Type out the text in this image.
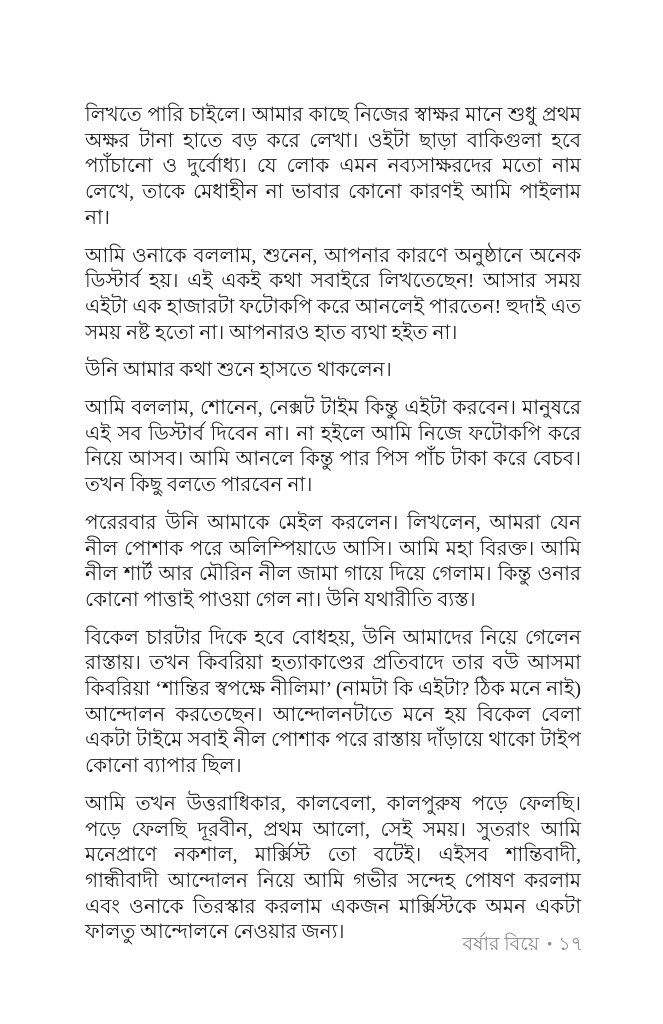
লিখতে পারি চাইলে। আমার কাছে নিজের স্বাক্ষর মানে শুধু প্রথম অক্ষর টানা হাতে বড় করে লেখা। ওইটা ছাড়া বাকিগুলা হবে প্যাঁচানো ও দুর্বোধ্য। যে লোক এমন নব্যসাক্ষরদের মতো নাম লেখে, তাকে মেধাহীন না ভাবার কোনো কারণই আমি পাইলাম না।

আমি ওনাকে বললাম, শুনেন, আপনার কারণে অনুষ্ঠানে অনেক ডিস্টার্ব হয়। এই একই কথা সবাইরে লিখতেছেন! আসার সময় এইটা এক হাজারটা ফটোকপি করে আনলেই পারতেন! হুদাই এত সময় নষ্ট হতো না। আপনারও হাত ব্যথা হইত না।

উনি আমার কথা শুনে হাসতে থাকলেন।

আমি বললাম, শোনেন, নেক্সট টাইম কিন্তু এইটা করবেন। মানুষরে এই সব ডিস্টার্ব দিবেন না। না হইলে আমি নিজে ফটোকপি করে নিয়ে আসব। আমি আনলে কিন্তু পার পিস পাঁচ টাকা করে বেচব। তখন কিছু বলতে পারবেন না।

পরেরবার উনি আমাকে মেইল করলেন। লিখলেন, আমরা যেন নীল পোশাক পরে অলিম্পিয়াডে আসি। আমি মহা বিরক্ত। আমি নীল শার্ট আর মৌরিন নীল জামা গায়ে দিয়ে গেলাম। কিন্তু ওনার কোনো পাত্তাই পাওয়া গেল না। উনি যথারীতি ব্যস্ত।

বিকেল চারটার দিকে হবে বোধহয়, উনি আমাদের নিয়ে গেলেন রাস্তায়। তখন কিবরিয়া হত্যাকাণ্ডের প্রতিবাদে তার বউ আসমা কিবরিয়া ‘শান্তির স্বপক্ষে নীলিমা’ (নামটা কি এইটা? ঠিক মনে নাই) আন্দোলন করতেছেন। আন্দোলনটাতে মনে হয় বিকেল বেলা একটা টাইমে সবাই নীল পোশাক পরে রাস্তায় দাঁড়ায়ে থাকো টাইপ কোনো ব্যাপার ছিল।

আমি তখন উত্তরাধিকার, কালবেলা, কালপুরুষ পড়ে ফেলছি। পড়ে ফেলছি দূরবীন, প্রথম আলো, সেই সময়। সুতরাং আমি মনেপ্রাণে নকশাল, মার্ক্সিস্ট তো বটেই। এইসব শান্তিবাদী, গান্ধীবাদী আন্দোলন নিয়ে আমি গভীর সন্দেহ পোষণ করলাম এবং ওনাকে তিরস্কার করলাম একজন মার্ক্সিস্টকে অমন একটা ফালতু আন্দোলনে নেওয়ার জন্য।

বর্ষার বিয়ে • ১৭
